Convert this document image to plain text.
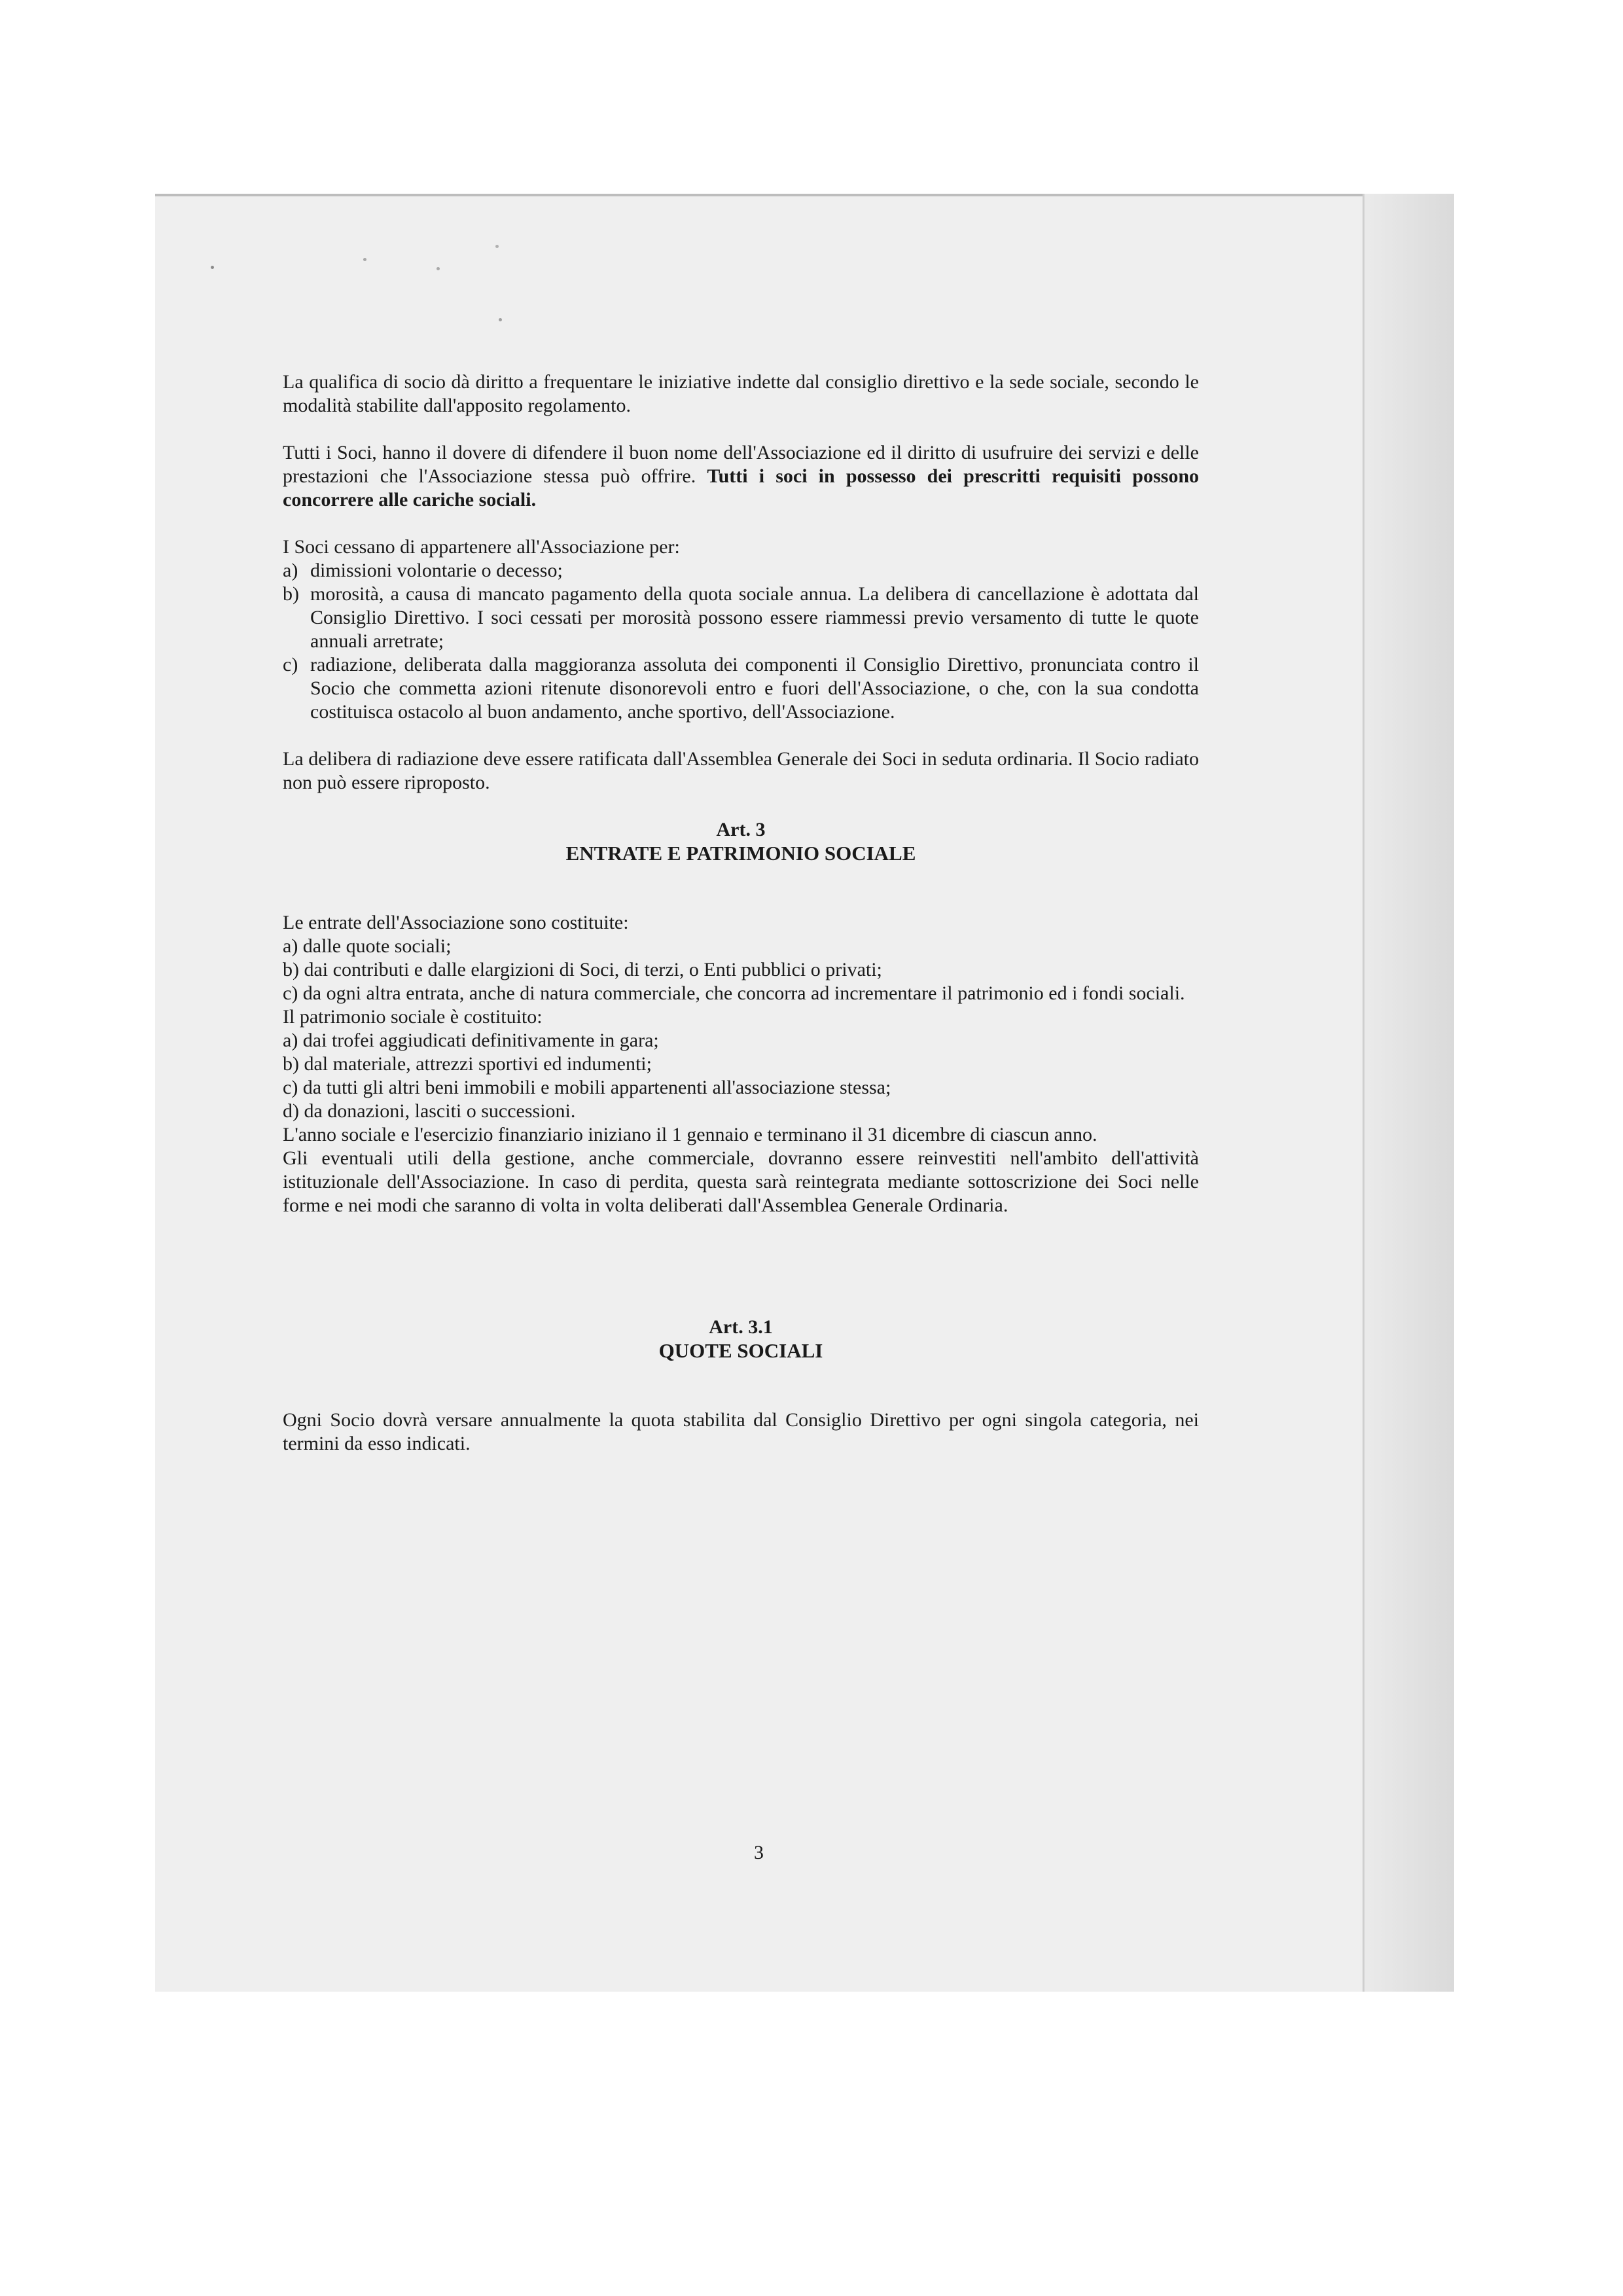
La qualifica di socio dà diritto a frequentare le iniziative indette dal consiglio direttivo e la sede sociale, secondo le modalità stabilite dall'apposito regolamento.

Tutti i Soci, hanno il dovere di difendere il buon nome dell'Associazione ed il diritto di usufruire dei servizi e delle prestazioni che l'Associazione stessa può offrire. Tutti i soci in possesso dei prescritti requisiti possono concorrere alle cariche sociali.

I Soci cessano di appartenere all'Associazione per:

a) dimissioni volontarie o decesso;
b) morosità, a causa di mancato pagamento della quota sociale annua. La delibera di cancellazione è adottata dal Consiglio Direttivo. I soci cessati per morosità possono essere riammessi previo versamento di tutte le quote annuali arretrate;
c) radiazione, deliberata dalla maggioranza assoluta dei componenti il Consiglio Direttivo, pronunciata contro il Socio che commetta azioni ritenute disonorevoli entro e fuori dell'Associazione, o che, con la sua condotta costituisca ostacolo al buon andamento, anche sportivo, dell'Associazione.

La delibera di radiazione deve essere ratificata dall'Assemblea Generale dei Soci in seduta ordinaria. Il Socio radiato non può essere riproposto.

Art. 3
ENTRATE E PATRIMONIO SOCIALE

Le entrate dell'Associazione sono costituite:

a) dalle quote sociali;

b) dai contributi e dalle elargizioni di Soci, di terzi, o Enti pubblici o privati;

c) da ogni altra entrata, anche di natura commerciale, che concorra ad incrementare il patrimonio ed i fondi sociali.

Il patrimonio sociale è costituito:

a) dai trofei aggiudicati definitivamente in gara;

b) dal materiale, attrezzi sportivi ed indumenti;

c) da tutti gli altri beni immobili e mobili appartenenti all'associazione stessa;

d) da donazioni, lasciti o successioni.

L'anno sociale e l'esercizio finanziario iniziano il 1 gennaio e terminano il 31 dicembre di ciascun anno.

Gli eventuali utili della gestione, anche commerciale, dovranno essere reinvestiti nell'ambito dell'attività istituzionale dell'Associazione. In caso di perdita, questa sarà reintegrata mediante sottoscrizione dei Soci nelle forme e nei modi che saranno di volta in volta deliberati dall'Assemblea Generale Ordinaria.

Art. 3.1
QUOTE SOCIALI

Ogni Socio dovrà versare annualmente la quota stabilita dal Consiglio Direttivo per ogni singola categoria, nei termini da esso indicati.

3
